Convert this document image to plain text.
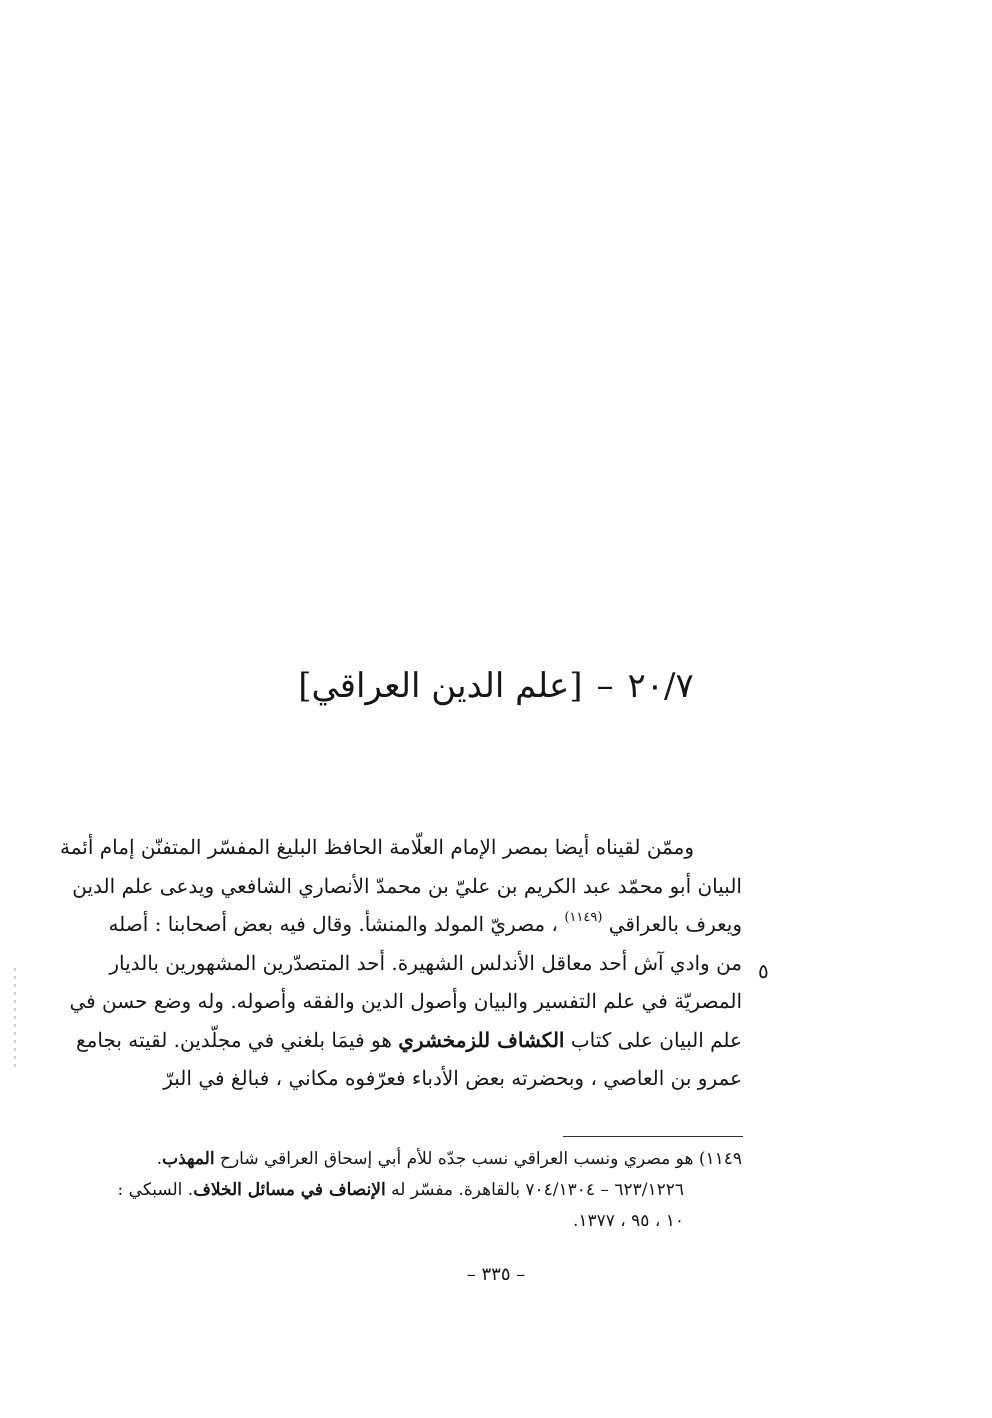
٢٠/٧–[علم الدين العراقي]
وممّن لقيناه أيضا بمصر الإمام العلّامة الحافظ البليغ المفسّر المتفنّن إمام أئمة
البيان أبو محمّد عبد الكريم بن عليّ بن محمدّ الأنصاري الشافعي ويدعى علم الدين
ويعرف بالعراقي $^{(١١٤٩)}$ ، مصريّ المولد والمنشأ. وقال فيه بعض أصحابنا : أصله
من وادي آش أحد معاقل الأندلس الشهيرة. أحد المتصدّرين المشهورين بالديار
المصريّة في علم التفسير والبيان وأصول الدين والفقه وأصوله. وله وضع حسن في
علم البيان على كتاب الكشاف للزمخشري هو فيمَا بلغني في مجلّدين. لقيته بجامع
عمرو بن العاصي ، وبحضرته بعض الأدباء فعرّفوه مكاني ، فبالغ في البرّ
٥
١١٤٩) هو مصري ونسب العراقي نسب جدّه للأم أبي إسحاق العراقي شارح المهذب.
٦٢٣/١٢٢٦ – ٧٠٤/١٣٠٤ بالقاهرة. مفسّر له الإنصاف في مسائل الخلاف. السبكي :
١٠ ، ٩٥ ، ١٣٧٧.
– ٣٣٥ –
